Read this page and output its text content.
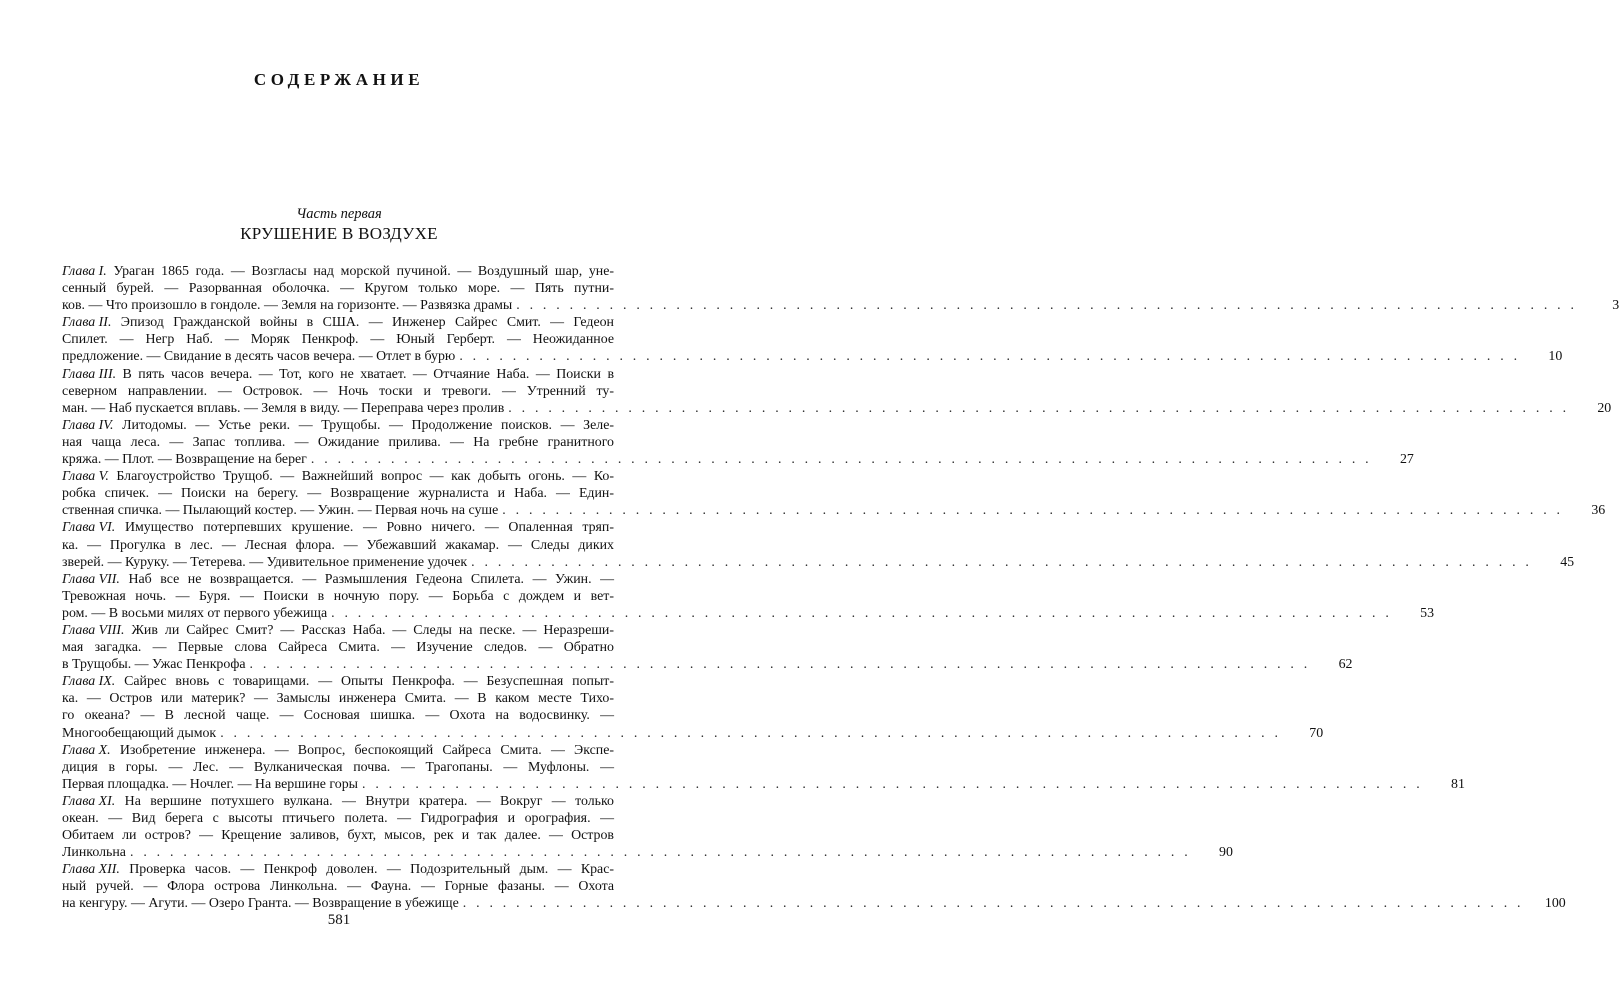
СОДЕРЖАНИЕ
Часть первая
КРУШЕНИЕ В ВОЗДУХЕ
Глава I. Ураган 1865 года. — Возгласы над морской пучиной. — Воздушный шар, уне-
сенный бурей. — Разорванная оболочка. — Кругом только море. — Пять путни-
ков. — Что произошло в гондоле. — Земля на горизонте. — Развязка драмы . . . . . . . . . . . . . . . . . . . . . . . . . . . . . . . . . . . . . . . . . . . . . . . . . . . . . . . . . . . . . . . . . . . . . . . . . . . . . . . .	3
Глава II. Эпизод Гражданской войны в США. — Инженер Сайрес Смит. — Гедеон
Спилет. — Негр Наб. — Моряк Пенкроф. — Юный Герберт. — Неожиданное
предложение. — Свидание в десять часов вечера. — Отлет в бурю . . . . . . . . . . . . . . . . . . . . . . . . . . . . . . . . . . . . . . . . . . . . . . . . . . . . . . . . . . . . . . . . . . . . . . . . . . . . . . . .	10
Глава III. В пять часов вечера. — Тот, кого не хватает. — Отчаяние Наба. — Поиски в
северном направлении. — Островок. — Ночь тоски и тревоги. — Утренний ту-
ман. — Наб пускается вплавь. — Земля в виду. — Переправа через пролив . . . . . . . . . . . . . . . . . . . . . . . . . . . . . . . . . . . . . . . . . . . . . . . . . . . . . . . . . . . . . . . . . . . . . . . . . . . . . . . .	20
Глава IV. Литодомы. — Устье реки. — Трущобы. — Продолжение поисков. — Зеле-
ная чаща леса. — Запас топлива. — Ожидание прилива. — На гребне гранитного
кряжа. — Плот. — Возвращение на берег . . . . . . . . . . . . . . . . . . . . . . . . . . . . . . . . . . . . . . . . . . . . . . . . . . . . . . . . . . . . . . . . . . . . . . . . . . . . . . . .	27
Глава V. Благоустройство Трущоб. — Важнейший вопрос — как добыть огонь. — Ко-
робка спичек. — Поиски на берегу. — Возвращение журналиста и Наба. — Един-
ственная спичка. — Пылающий костер. — Ужин. — Первая ночь на суше . . . . . . . . . . . . . . . . . . . . . . . . . . . . . . . . . . . . . . . . . . . . . . . . . . . . . . . . . . . . . . . . . . . . . . . . . . . . . . . .	36
Глава VI. Имущество потерпевших крушение. — Ровно ничего. — Опаленная тряп-
ка. — Прогулка в лес. — Лесная флора. — Убежавший жакамар. — Следы диких
зверей. — Куруку. — Тетерева. — Удивительное применение удочек . . . . . . . . . . . . . . . . . . . . . . . . . . . . . . . . . . . . . . . . . . . . . . . . . . . . . . . . . . . . . . . . . . . . . . . . . . . . . . . .	45
Глава VII. Наб все не возвращается. — Размышления Гедеона Спилета. — Ужин. —
Тревожная ночь. — Буря. — Поиски в ночную пору. — Борьба с дождем и вет-
ром. — В восьми милях от первого убежища . . . . . . . . . . . . . . . . . . . . . . . . . . . . . . . . . . . . . . . . . . . . . . . . . . . . . . . . . . . . . . . . . . . . . . . . . . . . . . . .	53
Глава VIII. Жив ли Сайрес Смит? — Рассказ Наба. — Следы на песке. — Неразреши-
мая загадка. — Первые слова Сайреса Смита. — Изучение следов. — Обратно
в Трущобы. — Ужас Пенкрофа . . . . . . . . . . . . . . . . . . . . . . . . . . . . . . . . . . . . . . . . . . . . . . . . . . . . . . . . . . . . . . . . . . . . . . . . . . . . . . . .	62
Глава IX. Сайрес вновь с товарищами. — Опыты Пенкрофа. — Безуспешная попыт-
ка. — Остров или материк? — Замыслы инженера Смита. — В каком месте Тихо-
го океана? — В лесной чаще. — Сосновая шишка. — Охота на водосвинку. —
Многообещающий дымок . . . . . . . . . . . . . . . . . . . . . . . . . . . . . . . . . . . . . . . . . . . . . . . . . . . . . . . . . . . . . . . . . . . . . . . . . . . . . . . .	70
Глава X. Изобретение инженера. — Вопрос, беспокоящий Сайреса Смита. — Экспе-
диция в горы. — Лес. — Вулканическая почва. — Трагопаны. — Муфлоны. —
Первая площадка. — Ночлег. — На вершине горы . . . . . . . . . . . . . . . . . . . . . . . . . . . . . . . . . . . . . . . . . . . . . . . . . . . . . . . . . . . . . . . . . . . . . . . . . . . . . . . .	81
Глава XI. На вершине потухшего вулкана. — Внутри кратера. — Вокруг — только
океан. — Вид берега с высоты птичьего полета. — Гидрография и орография. —
Обитаем ли остров? — Крещение заливов, бухт, мысов, рек и так далее. — Остров
Линкольна . . . . . . . . . . . . . . . . . . . . . . . . . . . . . . . . . . . . . . . . . . . . . . . . . . . . . . . . . . . . . . . . . . . . . . . . . . . . . . . .	90
Глава XII. Проверка часов. — Пенкроф доволен. — Подозрительный дым. — Крас-
ный ручей. — Флора острова Линкольна. — Фауна. — Горные фазаны. — Охота
на кенгуру. — Агути. — Озеро Гранта. — Возвращение в убежище . . . . . . . . . . . . . . . . . . . . . . . . . . . . . . . . . . . . . . . . . . . . . . . . . . . . . . . . . . . . . . . . . . . . . . . . . . . . . . . .	100
581
